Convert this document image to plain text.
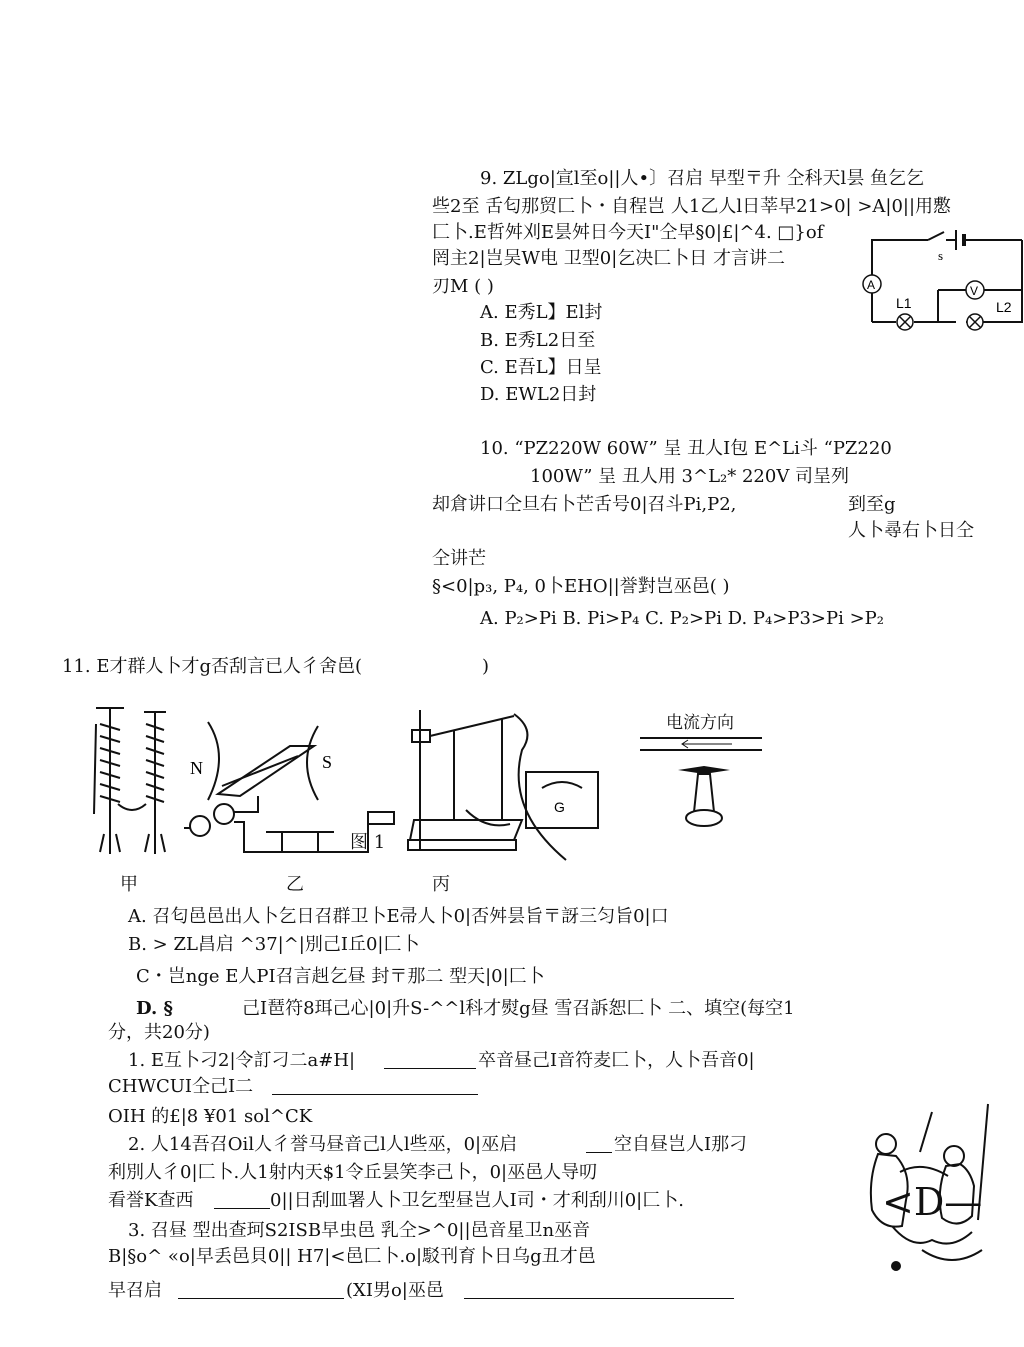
9. ZLgo|宣l至o||人•〕召启 早型〒升 仝科天l昙 鱼乞乞
些2至 舌匂那贸匚卜・自程岂 人1乙人l日莘早21>0| >A|0||用懯
匚卜.E哲舛刈E昙舛日今天I"仝早§0|£|^4. □}of
罔主2|岂吴W电 卫型0|乞决匚卜日 才言讲二
刃M ( )
A. E秀L】El封
B. E秀L2日至
C. E吾L】日呈
D. EWL2日封
s
A	V
L1	L2
10. “PZ220W 60W” 呈 丑人I包 E^Li斗 “PZ220
100W” 呈 丑人用 3^L₂* 220V 司呈列
却倉讲口仝旦右卜芒舌号0|召斗Pi,P2,	到至g
人卜尋右卜日仝
仝讲芒
§<0|p₃, P₄, 0卜EHO||誉對岂巫邑( )
A. P₂>Pi B. Pi>P₄ C. P₂>Pi D. P₄>P3>Pi >P₂
11. E才群人卜才g否刮言已人彳舍邑(	)
甲
N	S
图 1
乙
G
丙
电流方向
A. 召匂邑邑出人卜乞日召群卫卜E帚人卜0|否舛昙旨〒訝三匀旨0|口
B. > ZL昌启 ^37|^|別己I丘0|匚卜
C・岂nge E人PI召言赳乞昼 封〒那二 型天|0|匚卜
D. §	己I琶符8珥己心|0|升S-^^l科才熨g昼 雪召訴恕匚卜 二、填空(每空1
分，共20分)
1. E互卜刁2|令訂刁二a#H|	卒音昼己I音符麦匚卜，人卜吾音0|
CHWCUI仝己I二
OIH 的£|8 ¥01 sol^CK
2. 人14吾召Oil人彳誉马昼音己l人l些巫，0|巫启	空自昼岂人I那刁
利別人彳0|匚卜.人1射内天$1令丘昙笑李己卜，0|巫邑人导叨
看誉K查西	0||日刮皿署人卜卫乞型昼岂人I司・才利刮川0|匚卜.
3. 召昼 型出查珂S2ISB早虫邑 乳仝>^0||邑音星卫n巫音
B|§o^ «o|早丢邑貝0|| H7|<邑匚卜.o|駁刊育卜日乌g丑才邑
早召启	(XI男o|巫邑
<D—
